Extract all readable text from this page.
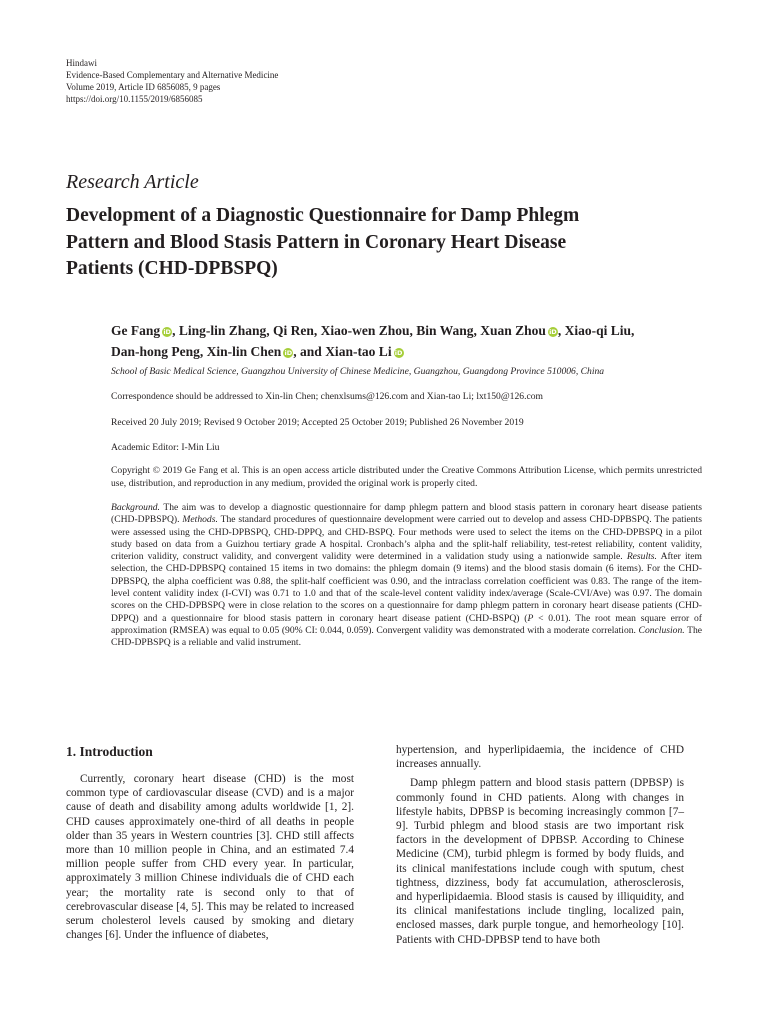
Hindawi
Evidence-Based Complementary and Alternative Medicine
Volume 2019, Article ID 6856085, 9 pages
https://doi.org/10.1155/2019/6856085
Research Article
Development of a Diagnostic Questionnaire for Damp Phlegm
Pattern and Blood Stasis Pattern in Coronary Heart Disease
Patients (CHD-DPBSPQ)
Ge Fang iD, Ling-lin Zhang, Qi Ren, Xiao-wen Zhou, Bin Wang, Xuan Zhou iD, Xiao-qi Liu,
Dan-hong Peng, Xin-lin Chen iD, and Xian-tao Li iD
School of Basic Medical Science, Guangzhou University of Chinese Medicine, Guangzhou, Guangdong Province 510006, China
Correspondence should be addressed to Xin-lin Chen; chenxlsums@126.com and Xian-tao Li; lxt150@126.com
Received 20 July 2019; Revised 9 October 2019; Accepted 25 October 2019; Published 26 November 2019
Academic Editor: I-Min Liu
Copyright © 2019 Ge Fang et al. This is an open access article distributed under the Creative Commons Attribution License, which permits unrestricted use, distribution, and reproduction in any medium, provided the original work is properly cited.
Background. The aim was to develop a diagnostic questionnaire for damp phlegm pattern and blood stasis pattern in coronary heart disease patients (CHD-DPBSPQ). Methods. The standard procedures of questionnaire development were carried out to develop and assess CHD-DPBSPQ. The patients were assessed using the CHD-DPBSPQ, CHD-DPPQ, and CHD-BSPQ. Four methods were used to select the items on the CHD-DPBSPQ in a pilot study based on data from a Guizhou tertiary grade A hospital. Cronbach’s alpha and the split-half reliability, test-retest reliability, content validity, criterion validity, construct validity, and convergent validity were determined in a validation study using a nationwide sample. Results. After item selection, the CHD-DPBSPQ contained 15 items in two domains: the phlegm domain (9 items) and the blood stasis domain (6 items). For the CHD-DPBSPQ, the alpha coefficient was 0.88, the split-half coefficient was 0.90, and the intraclass correlation coefficient was 0.83. The range of the item-level content validity index (I-CVI) was 0.71 to 1.0 and that of the scale-level content validity index/average (Scale-CVI/Ave) was 0.97. The domain scores on the CHD-DPBSPQ were in close relation to the scores on a questionnaire for damp phlegm pattern in coronary heart disease patients (CHD-DPPQ) and a questionnaire for blood stasis pattern in coronary heart disease patient (CHD-BSPQ) (P < 0.01). The root mean square error of approximation (RMSEA) was equal to 0.05 (90% CI: 0.044, 0.059). Convergent validity was demonstrated with a moderate correlation. Conclusion. The CHD-DPBSPQ is a reliable and valid instrument.
1. Introduction

Currently, coronary heart disease (CHD) is the most common type of cardiovascular disease (CVD) and is a major cause of death and disability among adults worldwide [1, 2]. CHD causes approximately one-third of all deaths in people older than 35 years in Western countries [3]. CHD still affects more than 10 million people in China, and an estimated 7.4 million people suffer from CHD every year. In particular, approximately 3 million Chinese individuals die of CHD each year; the mortality rate is second only to that of cerebrovascular disease [4, 5]. This may be related to increased serum cholesterol levels caused by smoking and dietary changes [6]. Under the influence of diabetes,

hypertension, and hyperlipidaemia, the incidence of CHD increases annually.

Damp phlegm pattern and blood stasis pattern (DPBSP) is commonly found in CHD patients. Along with changes in lifestyle habits, DPBSP is becoming increasingly common [7–9]. Turbid phlegm and blood stasis are two important risk factors in the development of DPBSP. According to Chinese Medicine (CM), turbid phlegm is formed by body fluids, and its clinical manifestations include cough with sputum, chest tightness, dizziness, body fat accumulation, atherosclerosis, and hyperlipidaemia. Blood stasis is caused by illiquidity, and its clinical manifestations include tingling, localized pain, enclosed masses, dark purple tongue, and hemorheology [10]. Patients with CHD-DPBSP tend to have both
